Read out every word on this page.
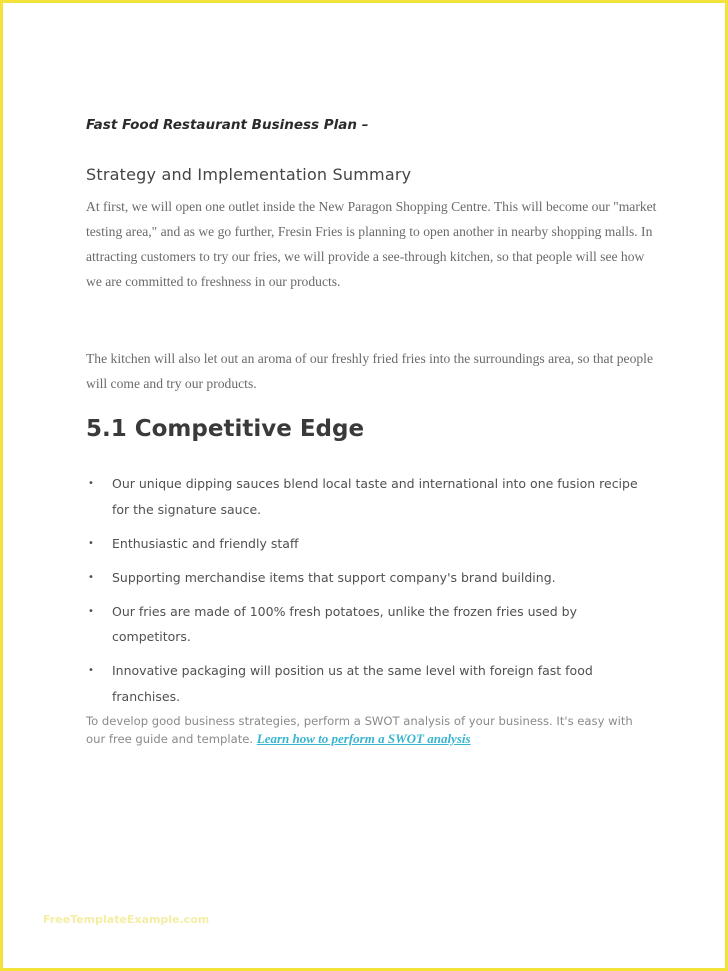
Fast Food Restaurant Business Plan –
Strategy and Implementation Summary

At first, we will open one outlet inside the New Paragon Shopping Centre. This will become our "market testing area," and as we go further, Fresin Fries is planning to open another in nearby shopping malls. In attracting customers to try our fries, we will provide a see-through kitchen, so that people will see how we are committed to freshness in our products.

The kitchen will also let out an aroma of our freshly fried fries into the surroundings area, so that people will come and try our products.

5.1 Competitive Edge
• Our unique dipping sauces blend local taste and international into one fusion recipe for the signature sauce.
• Enthusiastic and friendly staff
• Supporting merchandise items that support company's brand building.
• Our fries are made of 100% fresh potatoes, unlike the frozen fries used by competitors.
• Innovative packaging will position us at the same level with foreign fast food franchises.

To develop good business strategies, perform a SWOT analysis of your business. It's easy with our free guide and template. Learn how to perform a SWOT analysis

FreeTemplateExample.com
